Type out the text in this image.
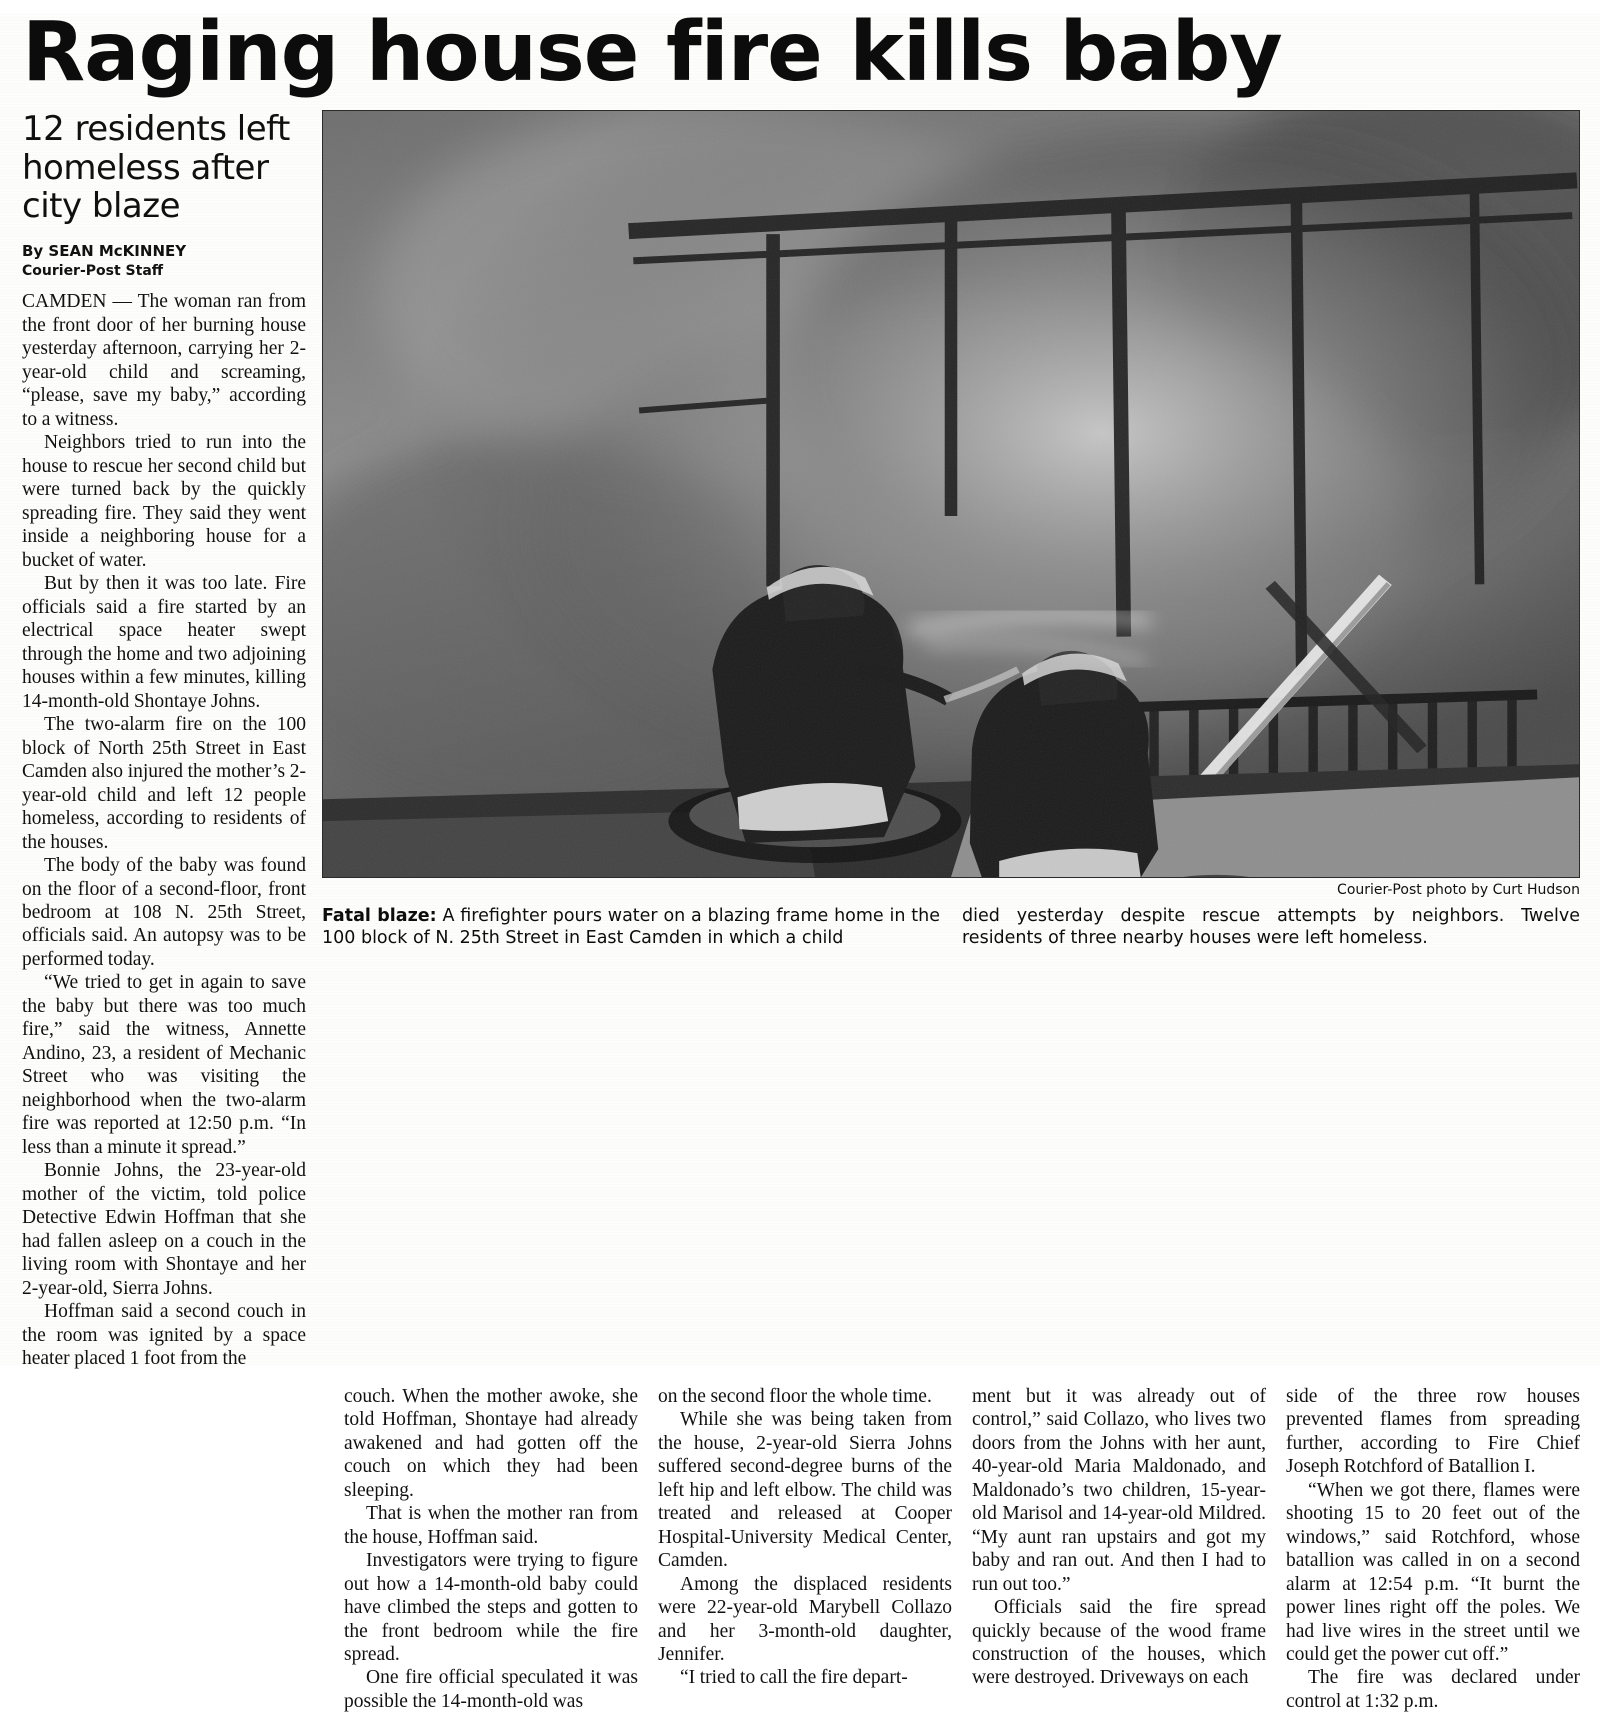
Raging house fire kills baby
12 residents left homeless after city blaze
By SEAN McKINNEY
Courier-Post Staff

CAMDEN — The woman ran from the front door of her burning house yesterday afternoon, carrying her 2-year-old child and screaming, “please, save my baby,” according to a witness.

Neighbors tried to run into the house to rescue her second child but were turned back by the quickly spreading fire. They said they went inside a neighboring house for a bucket of water.

But by then it was too late. Fire officials said a fire started by an electrical space heater swept through the home and two adjoining houses within a few minutes, killing 14-month-old Shontaye Johns.

The two-alarm fire on the 100 block of North 25th Street in East Camden also injured the mother’s 2-year-old child and left 12 people homeless, according to residents of the houses.

The body of the baby was found on the floor of a second-floor, front bedroom at 108 N. 25th Street, officials said. An autopsy was to be performed today.

“We tried to get in again to save the baby but there was too much fire,” said the witness, Annette Andino, 23, a resident of Mechanic Street who was visiting the neighborhood when the two-alarm fire was reported at 12:50 p.m. “In less than a minute it spread.”

Bonnie Johns, the 23-year-old mother of the victim, told police Detective Edwin Hoffman that she had fallen asleep on a couch in the living room with Shontaye and her 2-year-old, Sierra Johns.

Hoffman said a second couch in the room was ignited by a space heater placed 1 foot from the

Courier-Post photo by Curt Hudson
Fatal blaze: A firefighter pours water on a blazing frame home in the 100 block of N. 25th Street in East Camden in which a child
died yesterday despite rescue attempts by neighbors. Twelve residents of three nearby houses were left homeless.

couch. When the mother awoke, she told Hoffman, Shontaye had already awakened and had gotten off the couch on which they had been sleeping.

That is when the mother ran from the house, Hoffman said.

Investigators were trying to figure out how a 14-month-old baby could have climbed the steps and gotten to the front bedroom while the fire spread.

One fire official speculated it was possible the 14-month-old was

on the second floor the whole time.

While she was being taken from the house, 2-year-old Sierra Johns suffered second-degree burns of the left hip and left elbow. The child was treated and released at Cooper Hospital-University Medical Center, Camden.

Among the displaced residents were 22-year-old Marybell Collazo and her 3-month-old daughter, Jennifer.

“I tried to call the fire depart-

ment but it was already out of control,” said Collazo, who lives two doors from the Johns with her aunt, 40-year-old Maria Maldonado, and Maldonado’s two children, 15-year-old Marisol and 14-year-old Mildred. “My aunt ran upstairs and got my baby and ran out. And then I had to run out too.”

Officials said the fire spread quickly because of the wood frame construction of the houses, which were destroyed. Driveways on each

side of the three row houses prevented flames from spreading further, according to Fire Chief Joseph Rotchford of Batallion I.

“When we got there, flames were shooting 15 to 20 feet out of the windows,” said Rotchford, whose batallion was called in on a second alarm at 12:54 p.m. “It burnt the power lines right off the poles. We had live wires in the street until we could get the power cut off.”

The fire was declared under control at 1:32 p.m.
